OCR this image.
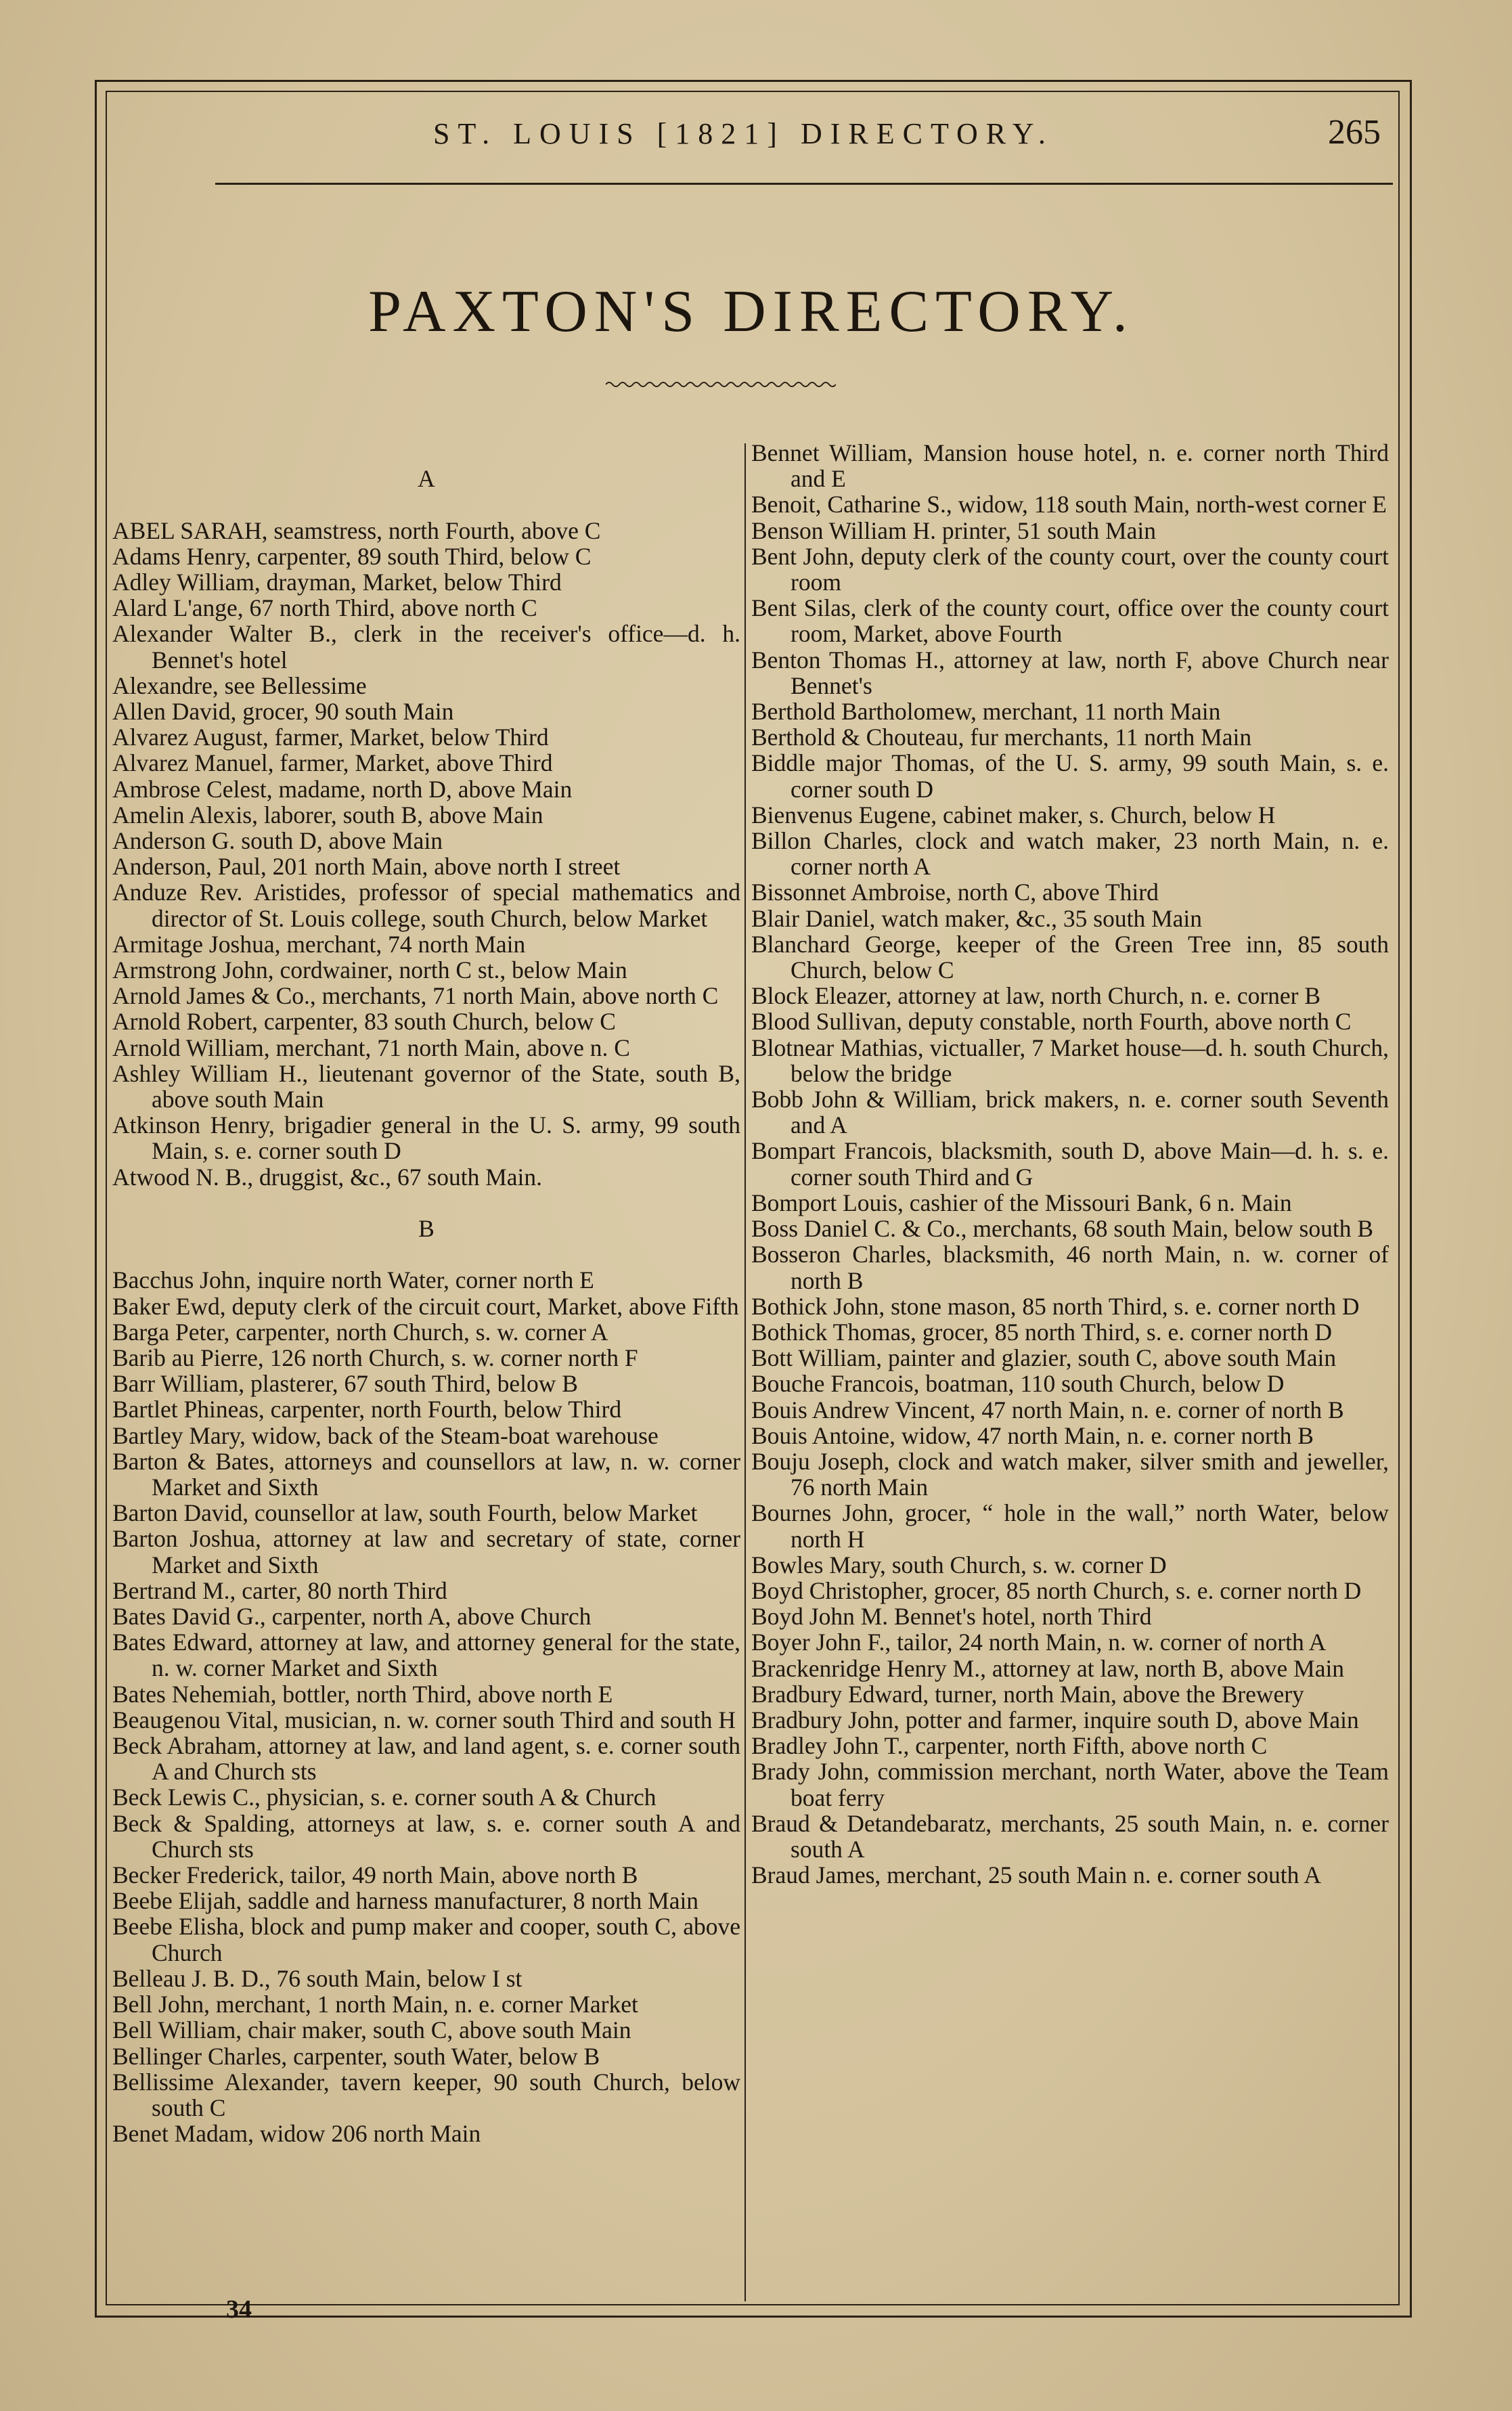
ST. LOUIS [1821] DIRECTORY.	265
PAXTON'S DIRECTORY.
A

ABEL SARAH, seamstress, north Fourth, above C

Adams Henry, carpenter, 89 south Third, below C

Adley William, drayman, Market, below Third

Alard L'ange, 67 north Third, above north C

Alexander Walter B., clerk in the receiver's office—d. h. Bennet's hotel

Alexandre, see Bellessime

Allen David, grocer, 90 south Main

Alvarez August, farmer, Market, below Third

Alvarez Manuel, farmer, Market, above Third

Ambrose Celest, madame, north D, above Main

Amelin Alexis, laborer, south B, above Main

Anderson G. south D, above Main

Anderson, Paul, 201 north Main, above north I street

Anduze Rev. Aristides, professor of special mathematics and director of St. Louis college, south Church, below Market

Armitage Joshua, merchant, 74 north Main

Armstrong John, cordwainer, north C st., below Main

Arnold James & Co., merchants, 71 north Main, above north C

Arnold Robert, carpenter, 83 south Church, below C

Arnold William, merchant, 71 north Main, above n. C

Ashley William H., lieutenant governor of the State, south B, above south Main

Atkinson Henry, brigadier general in the U. S. army, 99 south Main, s. e. corner south D

Atwood N. B., druggist, &c., 67 south Main.

B

Bacchus John, inquire north Water, corner north E

Baker Ewd, deputy clerk of the circuit court, Market, above Fifth

Barga Peter, carpenter, north Church, s. w. corner A

Barib au Pierre, 126 north Church, s. w. corner north F

Barr William, plasterer, 67 south Third, below B

Bartlet Phineas, carpenter, north Fourth, below Third

Bartley Mary, widow, back of the Steam-boat warehouse

Barton & Bates, attorneys and counsellors at law, n. w. corner Market and Sixth

Barton David, counsellor at law, south Fourth, below Market

Barton Joshua, attorney at law and secretary of state, corner Market and Sixth

Bertrand M., carter, 80 north Third

Bates David G., carpenter, north A, above Church

Bates Edward, attorney at law, and attorney general for the state, n. w. corner Market and Sixth

Bates Nehemiah, bottler, north Third, above north E

Beaugenou Vital, musician, n. w. corner south Third and south H

Beck Abraham, attorney at law, and land agent, s. e. corner south A and Church sts

Beck Lewis C., physician, s. e. corner south A & Church

Beck & Spalding, attorneys at law, s. e. corner south A and Church sts

Becker Frederick, tailor, 49 north Main, above north B

Beebe Elijah, saddle and harness manufacturer, 8 north Main

Beebe Elisha, block and pump maker and cooper, south C, above Church

Belleau J. B. D., 76 south Main, below I st

Bell John, merchant, 1 north Main, n. e. corner Market

Bell William, chair maker, south C, above south Main

Bellinger Charles, carpenter, south Water, below B

Bellissime Alexander, tavern keeper, 90 south Church, below south C

Benet Madam, widow 206 north Main

Bennet William, Mansion house hotel, n. e. corner north Third and E

Benoit, Catharine S., widow, 118 south Main, north-west corner E

Benson William H. printer, 51 south Main

Bent John, deputy clerk of the county court, over the county court room

Bent Silas, clerk of the county court, office over the county court room, Market, above Fourth

Benton Thomas H., attorney at law, north F, above Church near Bennet's

Berthold Bartholomew, merchant, 11 north Main

Berthold & Chouteau, fur merchants, 11 north Main

Biddle major Thomas, of the U. S. army, 99 south Main, s. e. corner south D

Bienvenus Eugene, cabinet maker, s. Church, below H

Billon Charles, clock and watch maker, 23 north Main, n. e. corner north A

Bissonnet Ambroise, north C, above Third

Blair Daniel, watch maker, &c., 35 south Main

Blanchard George, keeper of the Green Tree inn, 85 south Church, below C

Block Eleazer, attorney at law, north Church, n. e. corner B

Blood Sullivan, deputy constable, north Fourth, above north C

Blotnear Mathias, victualler, 7 Market house—d. h. south Church, below the bridge

Bobb John & William, brick makers, n. e. corner south Seventh and A

Bompart Francois, blacksmith, south D, above Main—d. h. s. e. corner south Third and G

Bomport Louis, cashier of the Missouri Bank, 6 n. Main

Boss Daniel C. & Co., merchants, 68 south Main, below south B

Bosseron Charles, blacksmith, 46 north Main, n. w. corner of north B

Bothick John, stone mason, 85 north Third, s. e. corner north D

Bothick Thomas, grocer, 85 north Third, s. e. corner north D

Bott William, painter and glazier, south C, above south Main

Bouche Francois, boatman, 110 south Church, below D

Bouis Andrew Vincent, 47 north Main, n. e. corner of north B

Bouis Antoine, widow, 47 north Main, n. e. corner north B

Bouju Joseph, clock and watch maker, silver smith and jeweller, 76 north Main

Bournes John, grocer, “ hole in the wall,” north Water, below north H

Bowles Mary, south Church, s. w. corner D

Boyd Christopher, grocer, 85 north Church, s. e. corner north D

Boyd John M. Bennet's hotel, north Third

Boyer John F., tailor, 24 north Main, n. w. corner of north A

Brackenridge Henry M., attorney at law, north B, above Main

Bradbury Edward, turner, north Main, above the Brewery

Bradbury John, potter and farmer, inquire south D, above Main

Bradley John T., carpenter, north Fifth, above north C

Brady John, commission merchant, north Water, above the Team boat ferry

Braud & Detandebaratz, merchants, 25 south Main, n. e. corner south A

Braud James, merchant, 25 south Main n. e. corner south A

34
